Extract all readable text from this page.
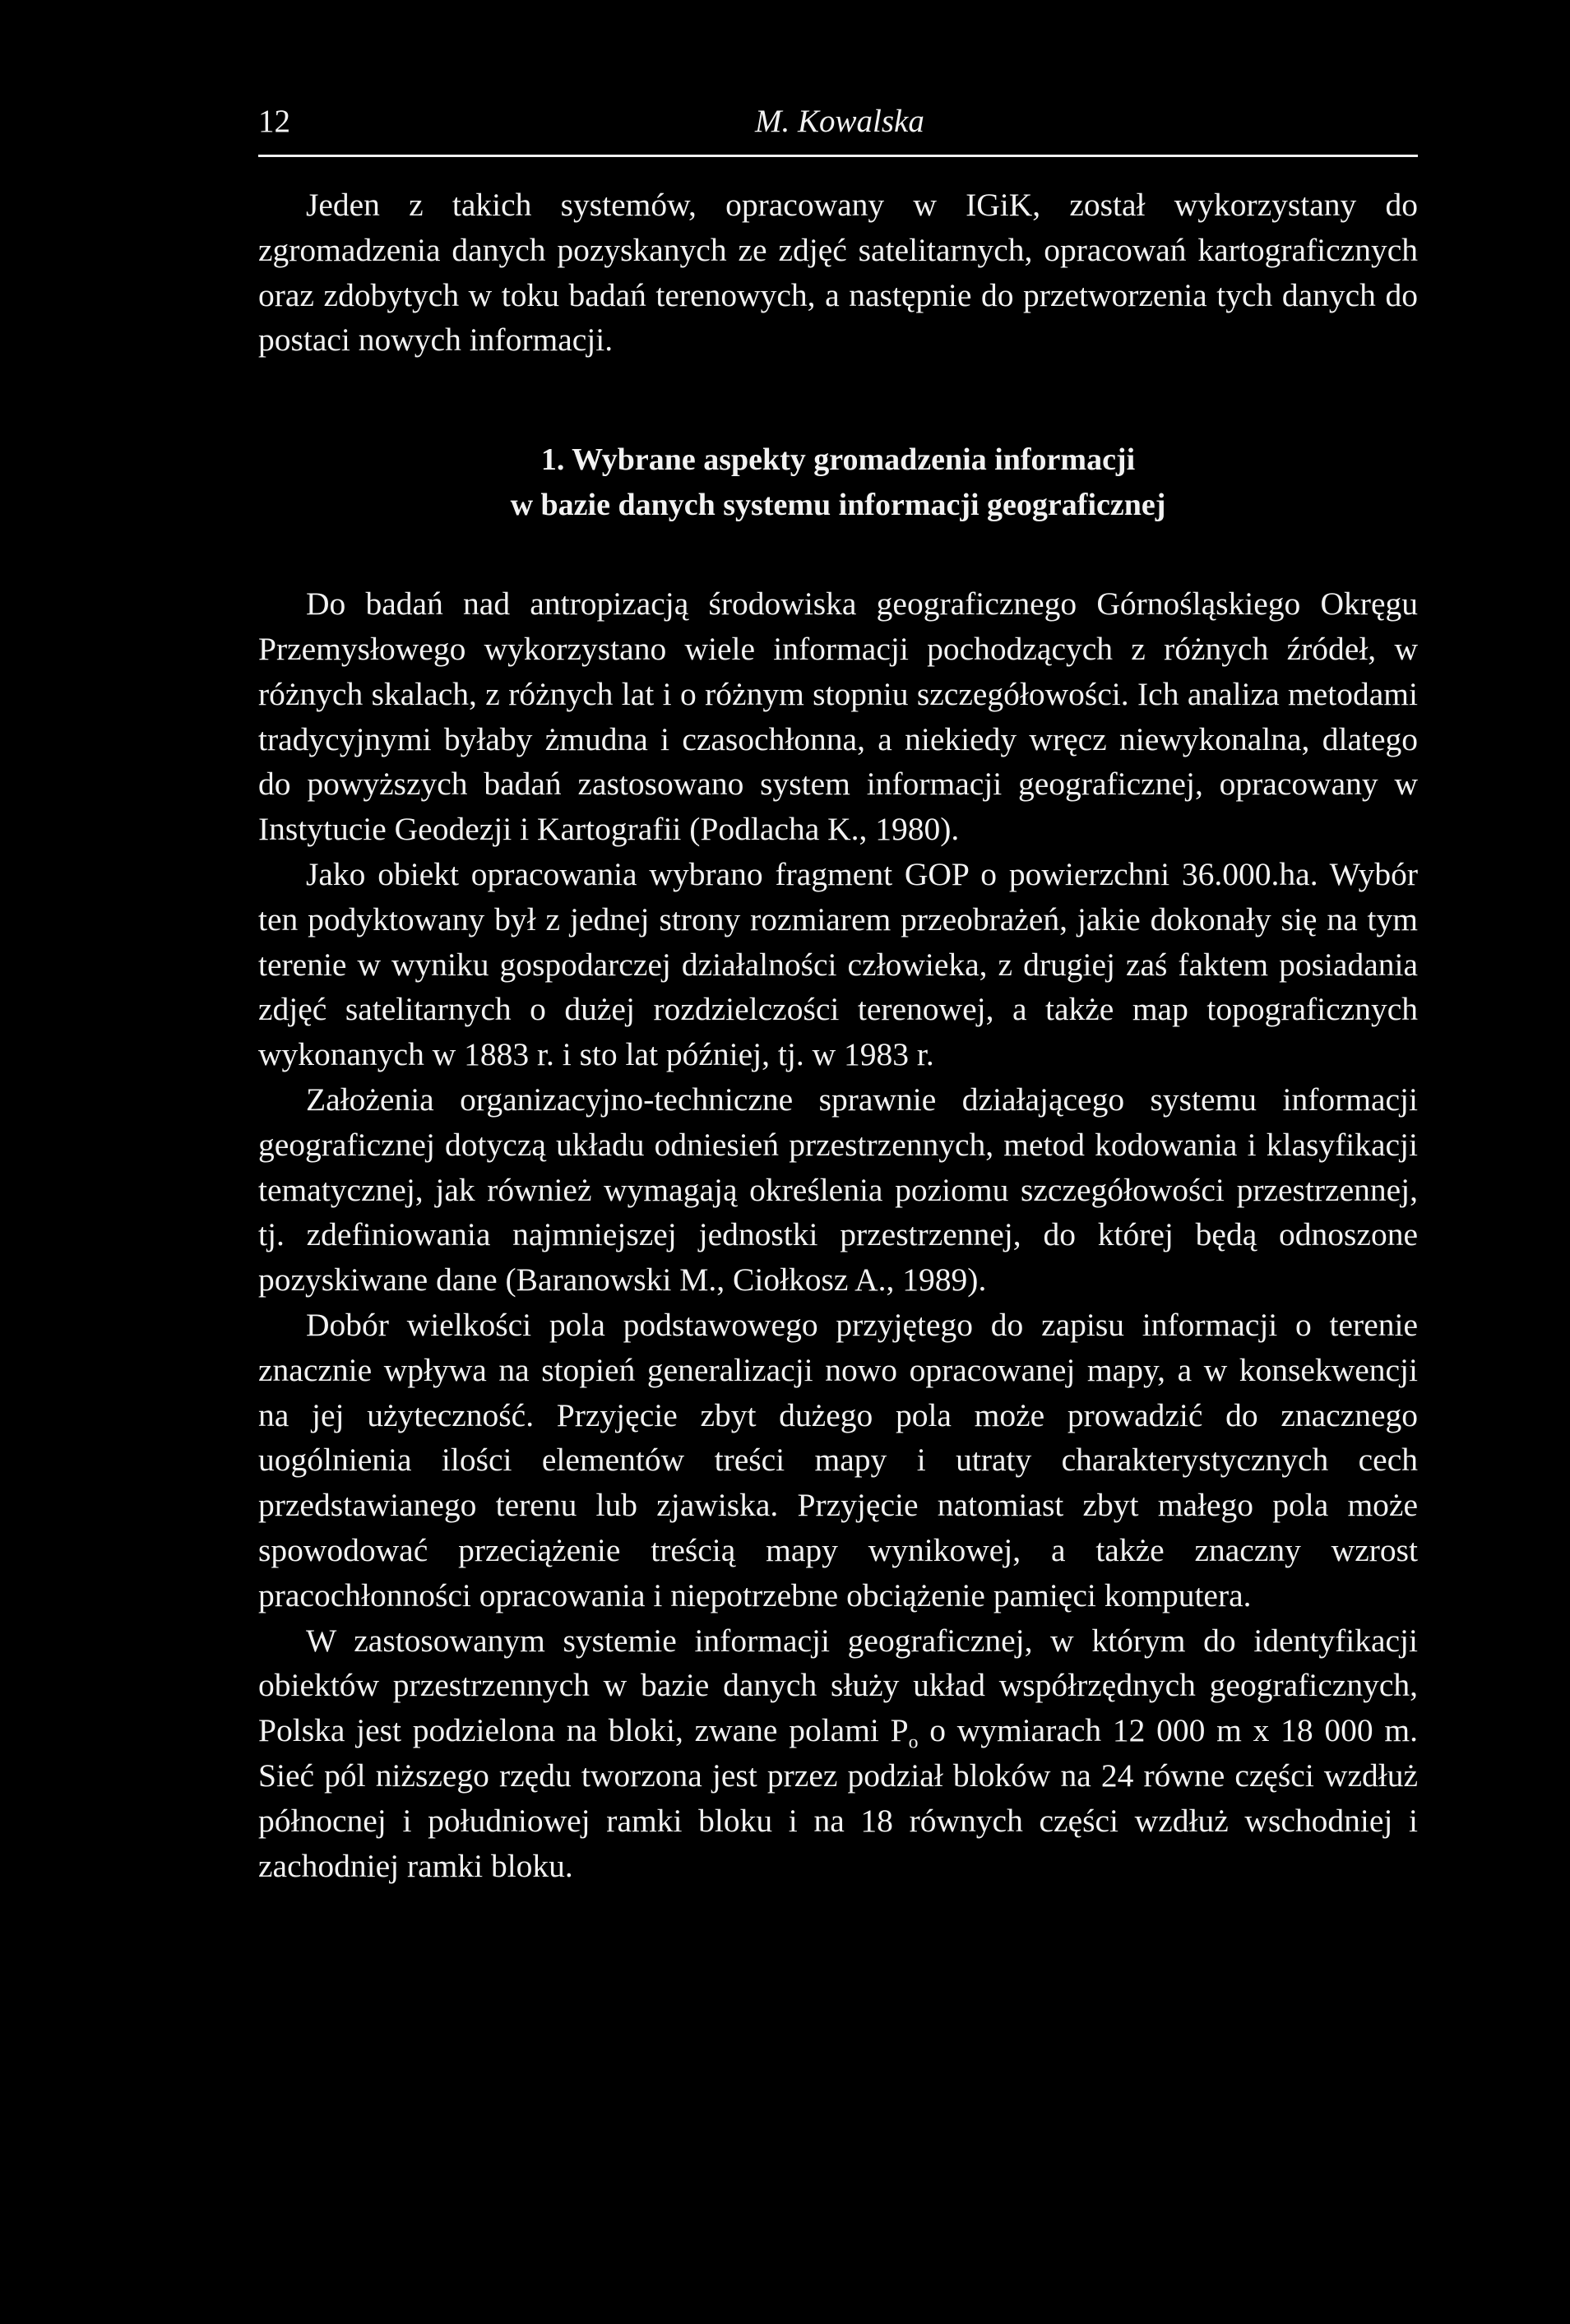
12	M. Kowalska

Jeden z takich systemów, opracowany w IGiK, został wykorzystany do zgromadzenia danych pozyskanych ze zdjęć satelitarnych, opracowań kartograficznych oraz zdobytych w toku badań terenowych, a następnie do przetworzenia tych danych do postaci nowych informacji.

1. Wybrane aspekty gromadzenia informacji
w bazie danych systemu informacji geograficznej

Do badań nad antropizacją środowiska geograficznego Górnośląskiego Okręgu Przemysłowego wykorzystano wiele informacji pochodzących z różnych źródeł, w różnych skalach, z różnych lat i o różnym stopniu szczegółowości. Ich analiza metodami tradycyjnymi byłaby żmudna i czasochłonna, a niekiedy wręcz niewykonalna, dlatego do powyższych badań zastosowano system informacji geograficznej, opracowany w Instytucie Geodezji i Kartografii (Podlacha K., 1980).

Jako obiekt opracowania wybrano fragment GOP o powierzchni 36.000.ha. Wybór ten podyktowany był z jednej strony rozmiarem przeobrażeń, jakie dokonały się na tym terenie w wyniku gospodarczej działalności człowieka, z drugiej zaś faktem posiadania zdjęć satelitarnych o dużej rozdzielczości terenowej, a także map topograficznych wykonanych w 1883 r. i sto lat później, tj. w 1983 r.

Założenia organizacyjno-techniczne sprawnie działającego systemu informacji geograficznej dotyczą układu odniesień przestrzennych, metod kodowania i klasyfikacji tematycznej, jak również wymagają określenia poziomu szczegółowości przestrzennej, tj. zdefiniowania najmniejszej jednostki przestrzennej, do której będą odnoszone pozyskiwane dane (Baranowski M., Ciołkosz A., 1989).

Dobór wielkości pola podstawowego przyjętego do zapisu informacji o terenie znacznie wpływa na stopień generalizacji nowo opracowanej mapy, a w konsekwencji na jej użyteczność. Przyjęcie zbyt dużego pola może prowadzić do znacznego uogólnienia ilości elementów treści mapy i utraty charakterystycznych cech przedstawianego terenu lub zjawiska. Przyjęcie natomiast zbyt małego pola może spowodować przeciążenie treścią mapy wynikowej, a także znaczny wzrost pracochłonności opracowania i niepotrzebne obciążenie pamięci komputera.

W zastosowanym systemie informacji geograficznej, w którym do identyfikacji obiektów przestrzennych w bazie danych służy układ współrzędnych geograficznych, Polska jest podzielona na bloki, zwane polami $P_o$ o wymiarach 12 000 m x 18 000 m. Sieć pól niższego rzędu tworzona jest przez podział bloków na 24 równe części wzdłuż północnej i południowej ramki bloku i na 18 równych części wzdłuż wschodniej i zachodniej ramki bloku.
